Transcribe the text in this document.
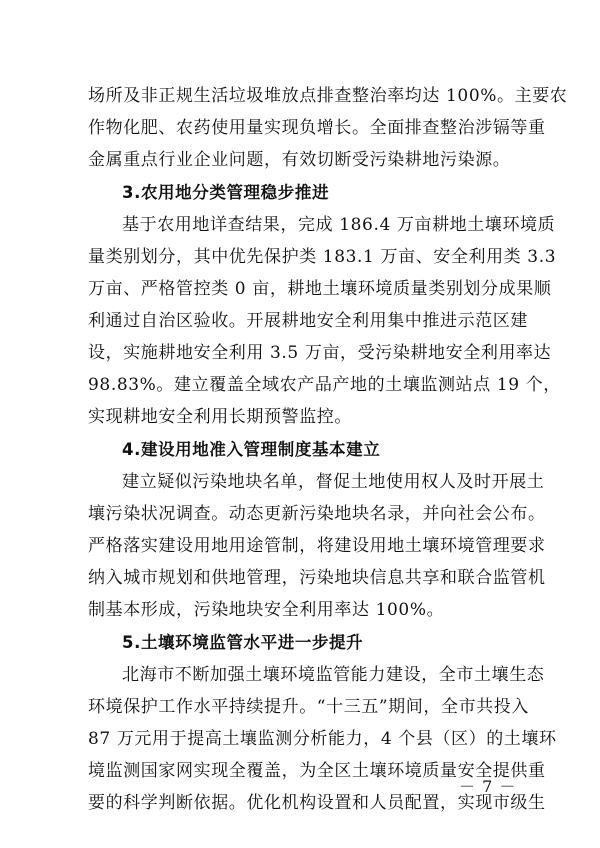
场所及非正规生活垃圾堆放点排查整治率均达 100%。主要农
作物化肥、农药使用量实现负增长。全面排查整治涉镉等重
金属重点行业企业问题，有效切断受污染耕地污染源。
3.农用地分类管理稳步推进
基于农用地详查结果，完成 186.4 万亩耕地土壤环境质
量类别划分，其中优先保护类 183.1 万亩、安全利用类 3.3
万亩、严格管控类 0 亩，耕地土壤环境质量类别划分成果顺
利通过自治区验收。开展耕地安全利用集中推进示范区建
设，实施耕地安全利用 3.5 万亩，受污染耕地安全利用率达
98.83%。建立覆盖全域农产品产地的土壤监测站点 19 个，
实现耕地安全利用长期预警监控。
4.建设用地准入管理制度基本建立
建立疑似污染地块名单，督促土地使用权人及时开展土
壤污染状况调查。动态更新污染地块名录，并向社会公布。
严格落实建设用地用途管制，将建设用地土壤环境管理要求
纳入城市规划和供地管理，污染地块信息共享和联合监管机
制基本形成，污染地块安全利用率达 100%。
5.土壤环境监管水平进一步提升
北海市不断加强土壤环境监管能力建设，全市土壤生态
环境保护工作水平持续提升。“十三五”期间，全市共投入
87 万元用于提高土壤监测分析能力，4 个县（区）的土壤环
境监测国家网实现全覆盖，为全区土壤环境质量安全提供重
要的科学判断依据。优化机构设置和人员配置，实现市级生
－ 7 －
